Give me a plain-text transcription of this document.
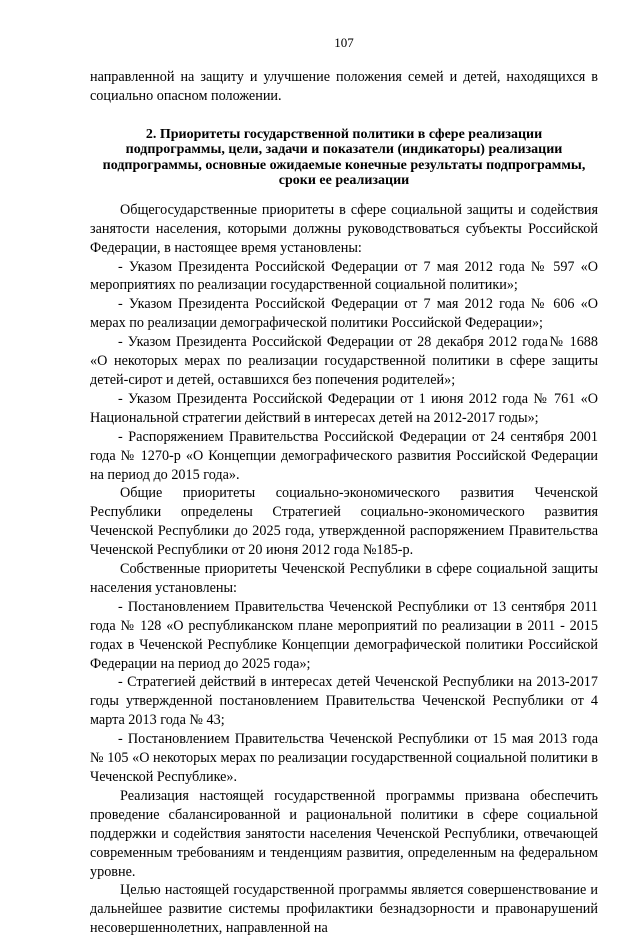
107

направленной на защиту и улучшение положения семей и детей, находящихся в социально опасном положении.

2. Приоритеты государственной политики в сфере реализации подпрограммы, цели, задачи и показатели (индикаторы) реализации подпрограммы, основные ожидаемые конечные результаты подпрограммы, сроки ее реализации

Общегосударственные приоритеты в сфере социальной защиты и содействия занятости населения, которыми должны руководствоваться субъекты Российской Федерации, в настоящее время установлены:

- Указом Президента Российской Федерации от 7 мая 2012 года № 597 «О мероприятиях по реализации государственной социальной политики»;

- Указом Президента Российской Федерации от 7 мая 2012 года № 606 «О мерах по реализации демографической политики Российской Федерации»;

- Указом Президента Российской Федерации от 28 декабря 2012 года№ 1688 «О некоторых мерах по реализации государственной политики в сфере защиты детей-сирот и детей, оставшихся без попечения родителей»;

- Указом Президента Российской Федерации от 1 июня 2012 года № 761 «О Национальной стратегии действий в интересах детей на 2012-2017 годы»;

- Распоряжением Правительства Российской Федерации от 24 сентября 2001 года № 1270-р «О Концепции демографического развития Российской Федерации на период до 2015 года».

Общие приоритеты социально-экономического развития Чеченской Республики определены Стратегией социально-экономического развития Чеченской Республики до 2025 года, утвержденной распоряжением Правительства Чеченской Республики от 20 июня 2012 года №185-р.

Собственные приоритеты Чеченской Республики в сфере социальной защиты населения установлены:

- Постановлением Правительства Чеченской Республики от 13 сентября 2011 года № 128 «О республиканском плане мероприятий по реализации в 2011 - 2015 годах в Чеченской Республике Концепции демографической политики Российской Федерации на период до 2025 года»;

- Стратегией действий в интересах детей Чеченской Республики на 2013-2017 годы утвержденной постановлением Правительства Чеченской Республики от 4 марта 2013 года № 43;

- Постановлением Правительства Чеченской Республики от 15 мая 2013 года № 105 «О некоторых мерах по реализации государственной социальной политики в Чеченской Республике».

Реализация настоящей государственной программы призвана обеспечить проведение сбалансированной и рациональной политики в сфере социальной поддержки и содействия занятости населения Чеченской Республики, отвечающей современным требованиям и тенденциям развития, определенным на федеральном уровне.

Целью настоящей государственной программы является совершенствование и дальнейшее развитие системы профилактики безнадзорности и правонарушений несовершеннолетних, направленной на
